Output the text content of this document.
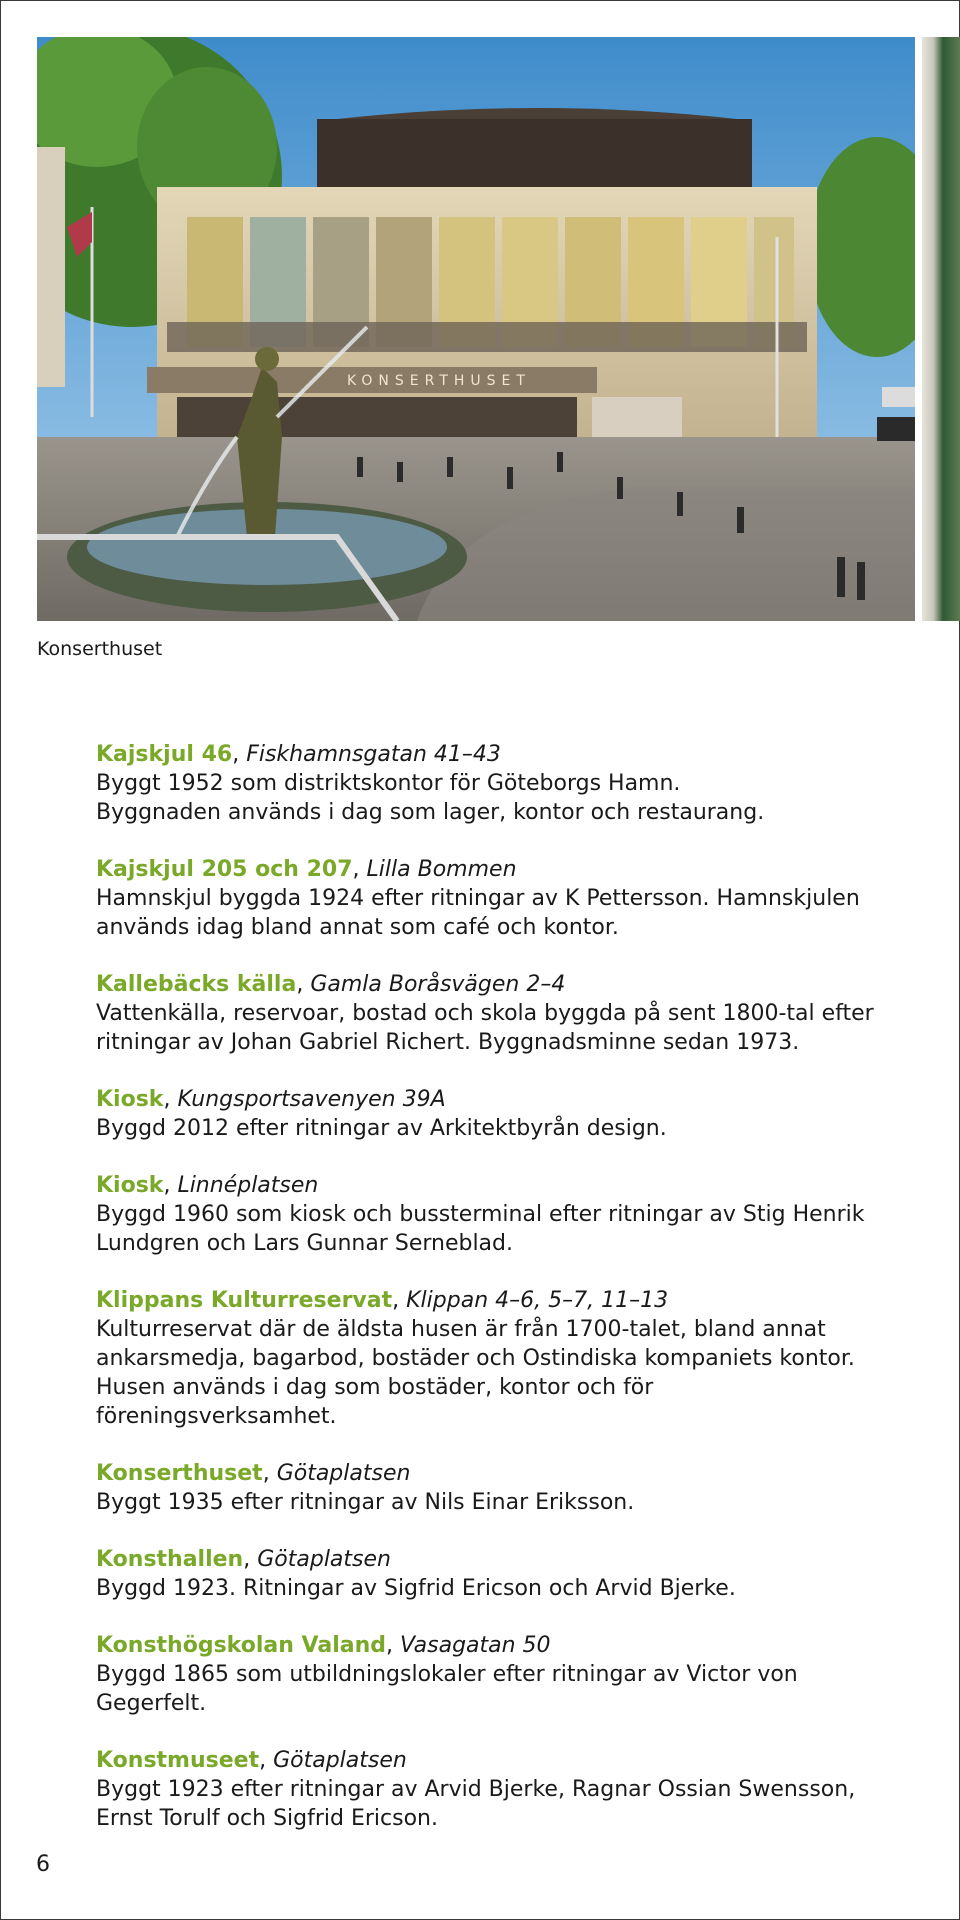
KONSERTHUSET
Konserthuset

Kajskjul 46, Fiskhamnsgatan 41–43

Byggt 1952 som distriktskontor för Göteborgs Hamn.
Byggnaden används i dag som lager, kontor och restaurang.

Kajskjul 205 och 207, Lilla Bommen

Hamnskjul byggda 1924 efter ritningar av K Pettersson. Hamnskjulen
används idag bland annat som café och kontor.

Kallebäcks källa, Gamla Boråsvägen 2–4

Vattenkälla, reservoar, bostad och skola byggda på sent 1800-tal efter
ritningar av Johan Gabriel Richert. Byggnadsminne sedan 1973.

Kiosk, Kungsportsavenyen 39A

Byggd 2012 efter ritningar av Arkitektbyrån design.

Kiosk, Linnéplatsen

Byggd 1960 som kiosk och bussterminal efter ritningar av Stig Henrik
Lundgren och Lars Gunnar Serneblad.

Klippans Kulturreservat, Klippan 4–6, 5–7, 11–13

Kulturreservat där de äldsta husen är från 1700-talet, bland annat
ankarsmedja, bagarbod, bostäder och Ostindiska kompaniets kontor.
Husen används i dag som bostäder, kontor och för föreningsverksamhet.

Konserthuset, Götaplatsen

Byggt 1935 efter ritningar av Nils Einar Eriksson.

Konsthallen, Götaplatsen

Byggd 1923. Ritningar av Sigfrid Ericson och Arvid Bjerke.

Konsthögskolan Valand, Vasagatan 50

Byggd 1865 som utbildningslokaler efter ritningar av Victor von Gegerfelt.

Konstmuseet, Götaplatsen

Byggt 1923 efter ritningar av Arvid Bjerke, Ragnar Ossian Swensson,
Ernst Torulf och Sigfrid Ericson.

6
